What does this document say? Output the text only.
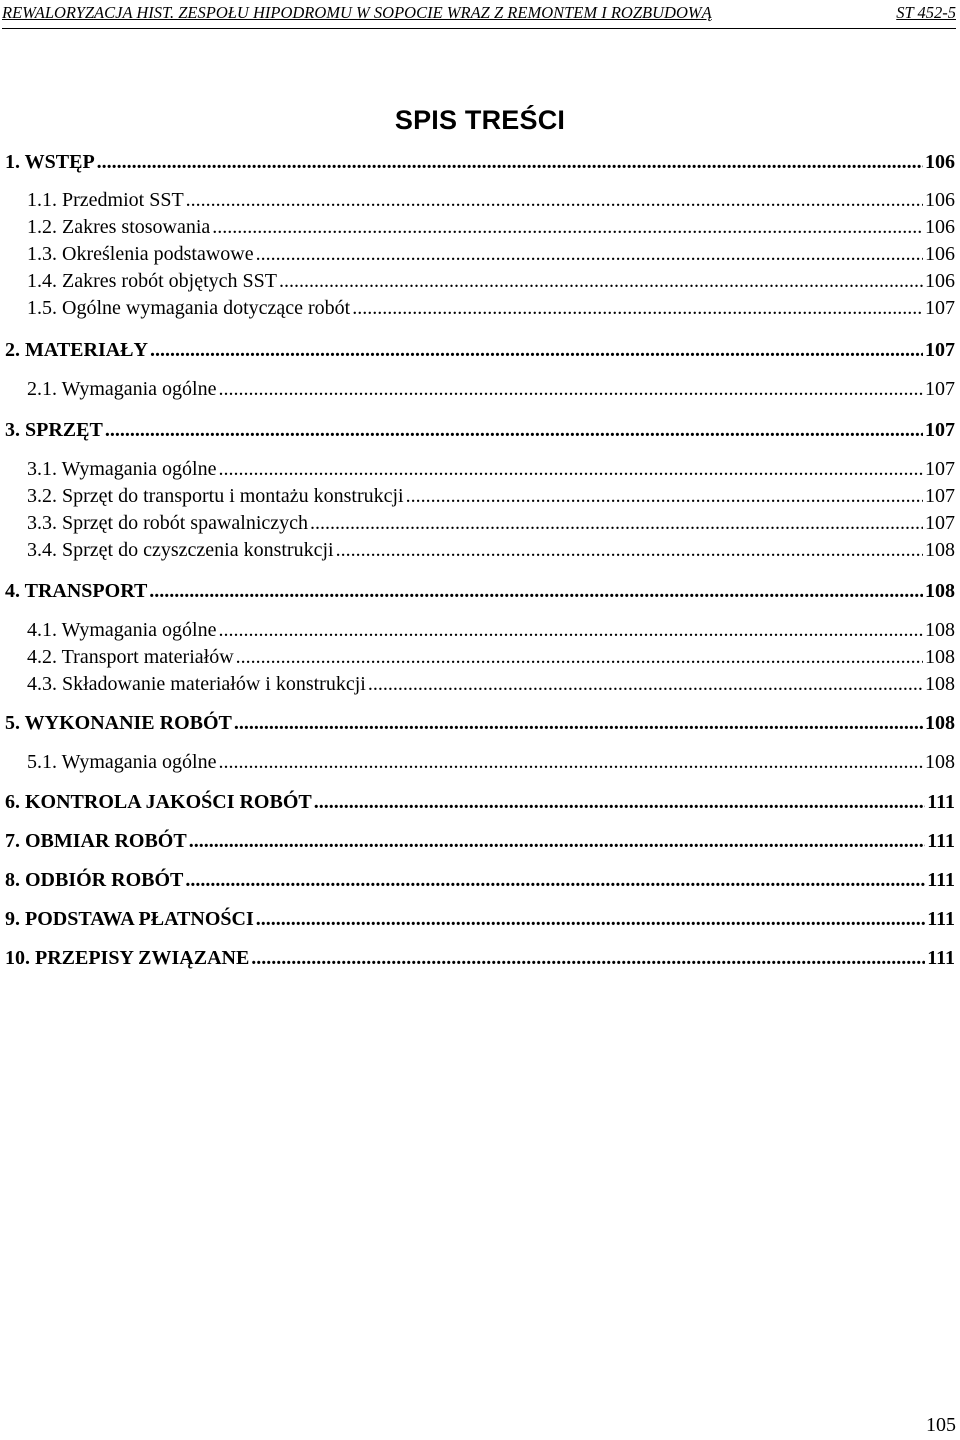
REWALORYZACJA HIST. ZESPOŁU HIPODROMU W SOPOCIE WRAZ Z REMONTEM I ROZBUDOWĄ	ST 452-5
SPIS TREŚCI
1. WSTĘP .....	106
1.1. Przedmiot SST .....	106
1.2. Zakres stosowania .....	106
1.3. Określenia podstawowe .....	106
1.4. Zakres robót objętych SST .....	106
1.5. Ogólne wymagania dotyczące robót .....	107
2. MATERIAŁY .....	107
2.1. Wymagania ogólne .....	107
3. SPRZĘT .....	107
3.1. Wymagania ogólne .....	107
3.2. Sprzęt do transportu i montażu konstrukcji .....	107
3.3. Sprzęt do robót spawalniczych .....	107
3.4. Sprzęt do czyszczenia konstrukcji .....	108
4. TRANSPORT .....	108
4.1. Wymagania ogólne .....	108
4.2. Transport materiałów .....	108
4.3. Składowanie materiałów i konstrukcji .....	108
5. WYKONANIE ROBÓT .....	108
5.1. Wymagania ogólne .....	108
6. KONTROLA JAKOŚCI ROBÓT .....	111
7. OBMIAR ROBÓT .....	111
8. ODBIÓR ROBÓT .....	111
9. PODSTAWA PŁATNOŚCI .....	111
10. PRZEPISY ZWIĄZANE .....	111
105
